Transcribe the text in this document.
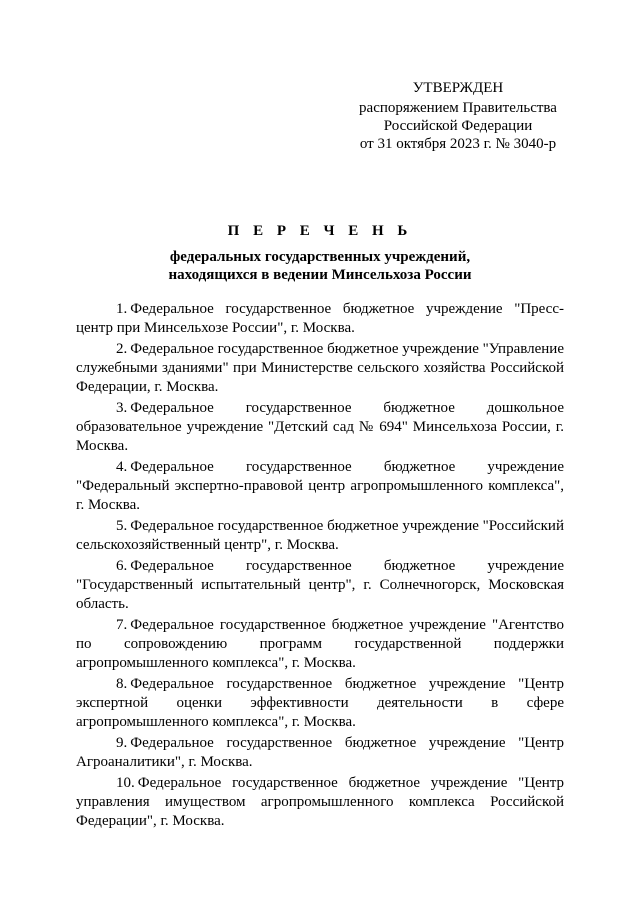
УТВЕРЖДЕН
распоряжением Правительства
Российской Федерации
от 31 октября 2023 г. № 3040-р
П Е Р Е Ч Е Н Ь
федеральных государственных учреждений,
находящихся в ведении Минсельхоза России

1. Федеральное государственное бюджетное учреждение "Пресс-центр при Минсельхозе России", г. Москва.

2. Федеральное государственное бюджетное учреждение "Управление служебными зданиями" при Министерстве сельского хозяйства Российской Федерации, г. Москва.

3. Федеральное государственное бюджетное дошкольное образовательное учреждение "Детский сад № 694" Минсельхоза России, г. Москва.

4. Федеральное государственное бюджетное учреждение "Федеральный экспертно-правовой центр агропромышленного комплекса", г. Москва.

5. Федеральное государственное бюджетное учреждение "Российский сельскохозяйственный центр", г. Москва.

6. Федеральное государственное бюджетное учреждение "Государственный испытательный центр", г. Солнечногорск, Московская область.

7. Федеральное государственное бюджетное учреждение "Агентство по сопровождению программ государственной поддержки агропромышленного комплекса", г. Москва.

8. Федеральное государственное бюджетное учреждение "Центр экспертной оценки эффективности деятельности в сфере агропромышленного комплекса", г. Москва.

9. Федеральное государственное бюджетное учреждение "Центр Агроаналитики", г. Москва.

10. Федеральное государственное бюджетное учреждение "Центр управления имуществом агропромышленного комплекса Российской Федерации", г. Москва.
